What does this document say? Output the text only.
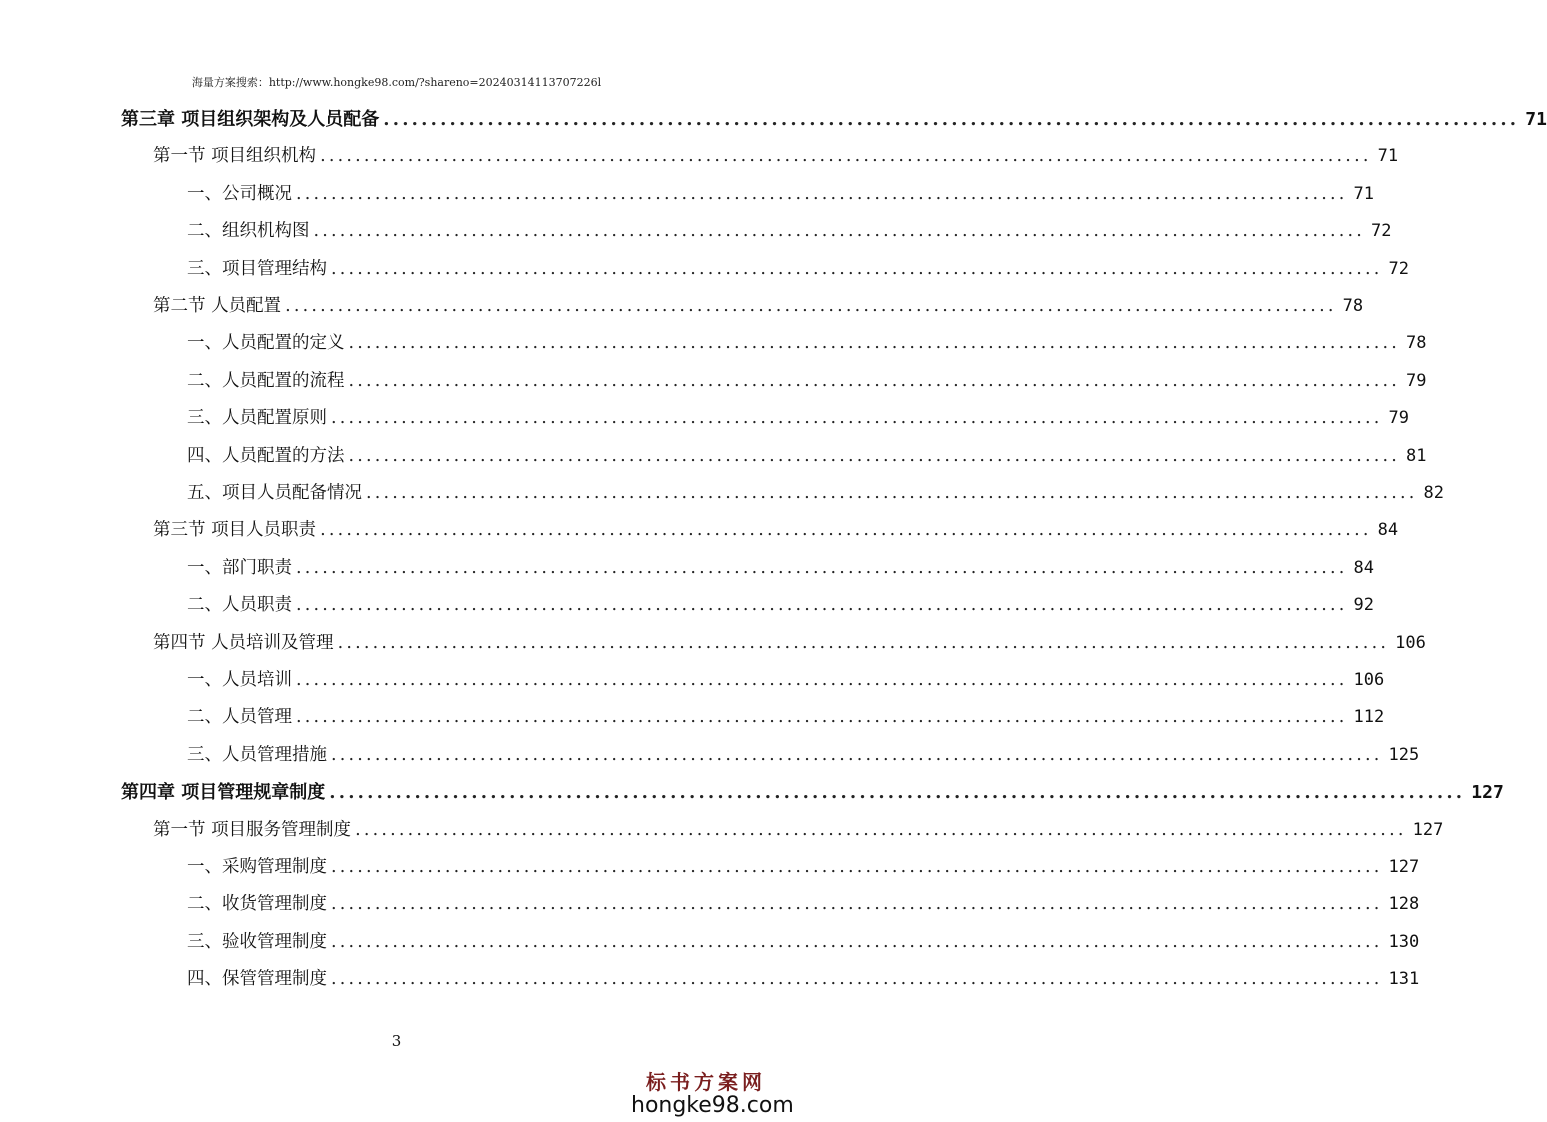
海量方案搜索：http://www.hongke98.com/?shareno=20240314113707226l
第三章 项目组织架构及人员配备 ........................................................................................................................ 71
第一节 项目组织机构 ........................................................................................................................ 71
一、公司概况 ........................................................................................................................ 71
二、组织机构图 ........................................................................................................................ 72
三、项目管理结构 ........................................................................................................................ 72
第二节 人员配置 ........................................................................................................................ 78
一、人员配置的定义 ........................................................................................................................ 78
二、人员配置的流程 ........................................................................................................................ 79
三、人员配置原则 ........................................................................................................................ 79
四、人员配置的方法 ........................................................................................................................ 81
五、项目人员配备情况 ........................................................................................................................ 82
第三节 项目人员职责 ........................................................................................................................ 84
一、部门职责 ........................................................................................................................ 84
二、人员职责 ........................................................................................................................ 92
第四节 人员培训及管理 ........................................................................................................................ 106
一、人员培训 ........................................................................................................................ 106
二、人员管理 ........................................................................................................................ 112
三、人员管理措施 ........................................................................................................................ 125
第四章 项目管理规章制度 ........................................................................................................................ 127
第一节 项目服务管理制度 ........................................................................................................................ 127
一、采购管理制度 ........................................................................................................................ 127
二、收货管理制度 ........................................................................................................................ 128
三、验收管理制度 ........................................................................................................................ 130
四、保管管理制度 ........................................................................................................................ 131
3
标书方案网
hongke98.com
